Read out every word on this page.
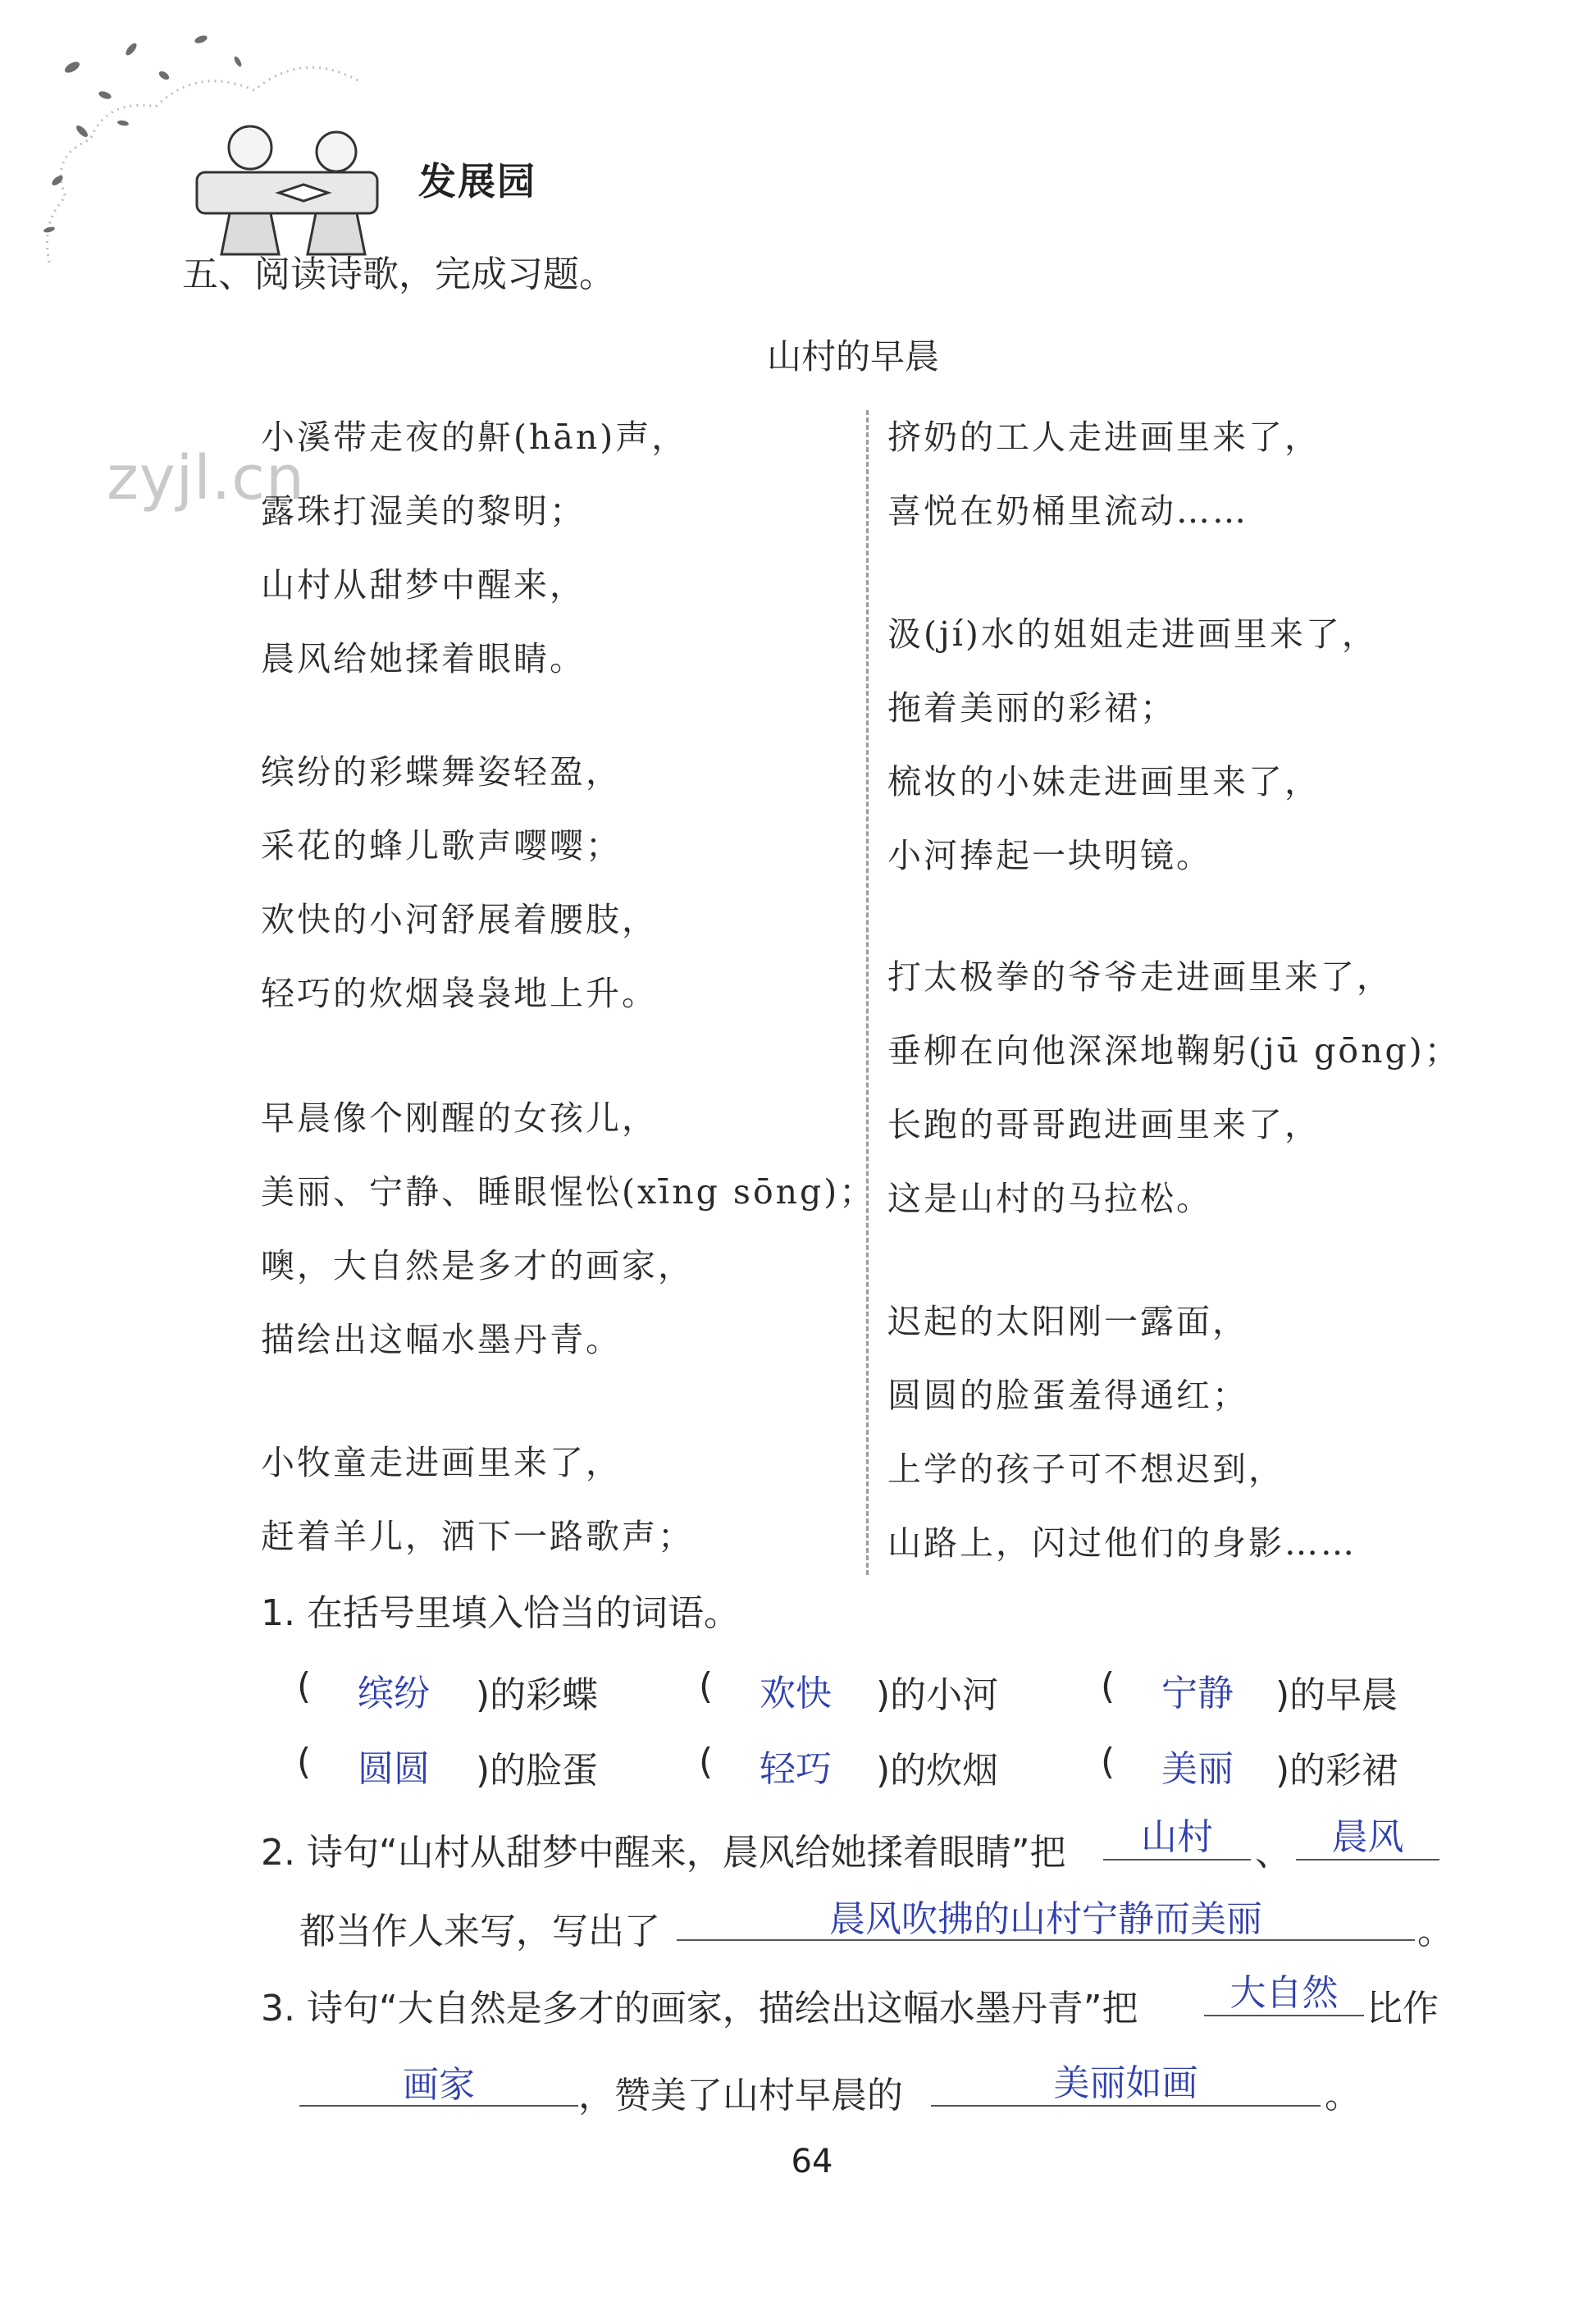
发展园
zyjl.cn
五、阅读诗歌，完成习题。
山村的早晨
小溪带走夜的鼾(hān)声，
露珠打湿美的黎明；
山村从甜梦中醒来，
晨风给她揉着眼睛。
缤纷的彩蝶舞姿轻盈，
采花的蜂儿歌声嘤嘤；
欢快的小河舒展着腰肢，
轻巧的炊烟袅袅地上升。
早晨像个刚醒的女孩儿，
美丽、宁静、睡眼惺忪(xīng sōng)；
噢，大自然是多才的画家，
描绘出这幅水墨丹青。
小牧童走进画里来了，
赶着羊儿，洒下一路歌声；
挤奶的工人走进画里来了，
喜悦在奶桶里流动……
汲(jí)水的姐姐走进画里来了，
拖着美丽的彩裙；
梳妆的小妹走进画里来了，
小河捧起一块明镜。
打太极拳的爷爷走进画里来了，
垂柳在向他深深地鞠躬(jū gōng)；
长跑的哥哥跑进画里来了，
这是山村的马拉松。
迟起的太阳刚一露面，
圆圆的脸蛋羞得通红；
上学的孩子可不想迟到，
山路上，闪过他们的身影……
1. 在括号里填入恰当的词语。
(	缤纷	)的彩蝶	(	欢快	)的小河	(	宁静	)的早晨
(	圆圆	)的脸蛋	(	轻巧	)的炊烟	(	美丽	)的彩裙
2. 诗句“山村从甜梦中醒来，晨风给她揉着眼睛”把	山村	、	晨风
都当作人来写，写出了	晨风吹拂的山村宁静而美丽	。
3. 诗句“大自然是多才的画家，描绘出这幅水墨丹青”把	大自然 比作
画家	，赞美了山村早晨的	美丽如画	。
64
